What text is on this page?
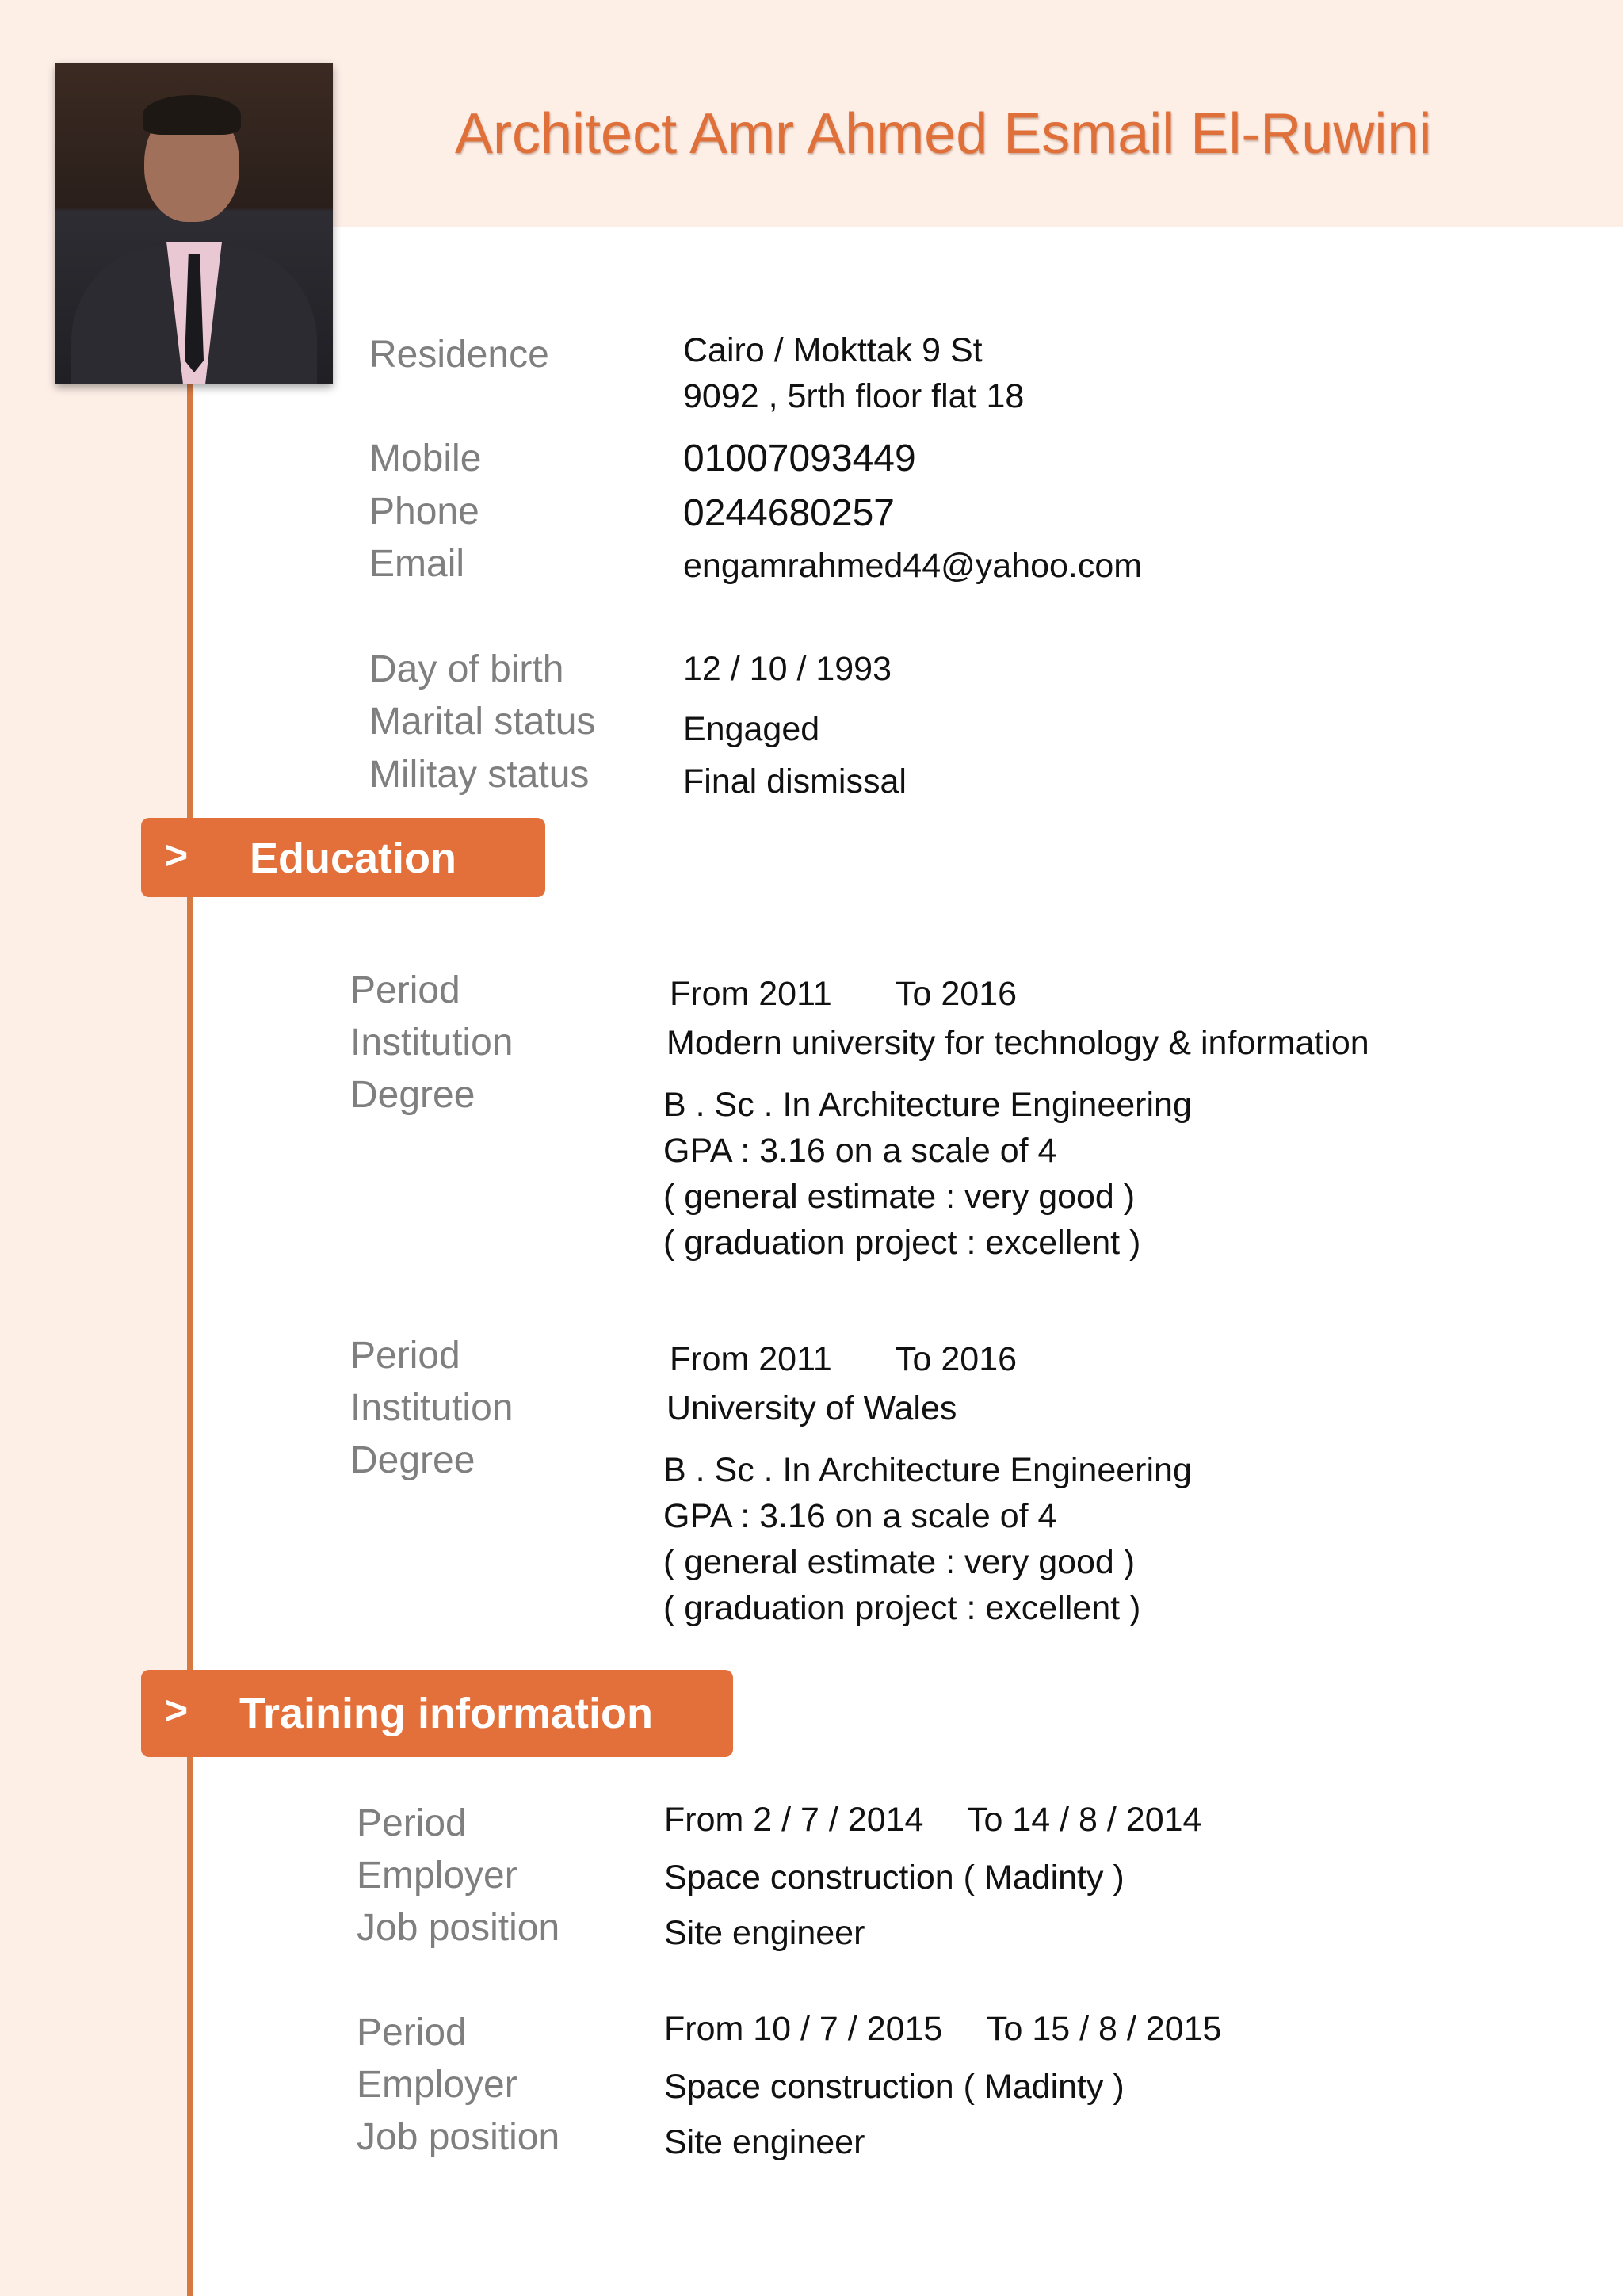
Architect Amr Ahmed Esmail El-Ruwini
Residence	Cairo / Mokttak 9 St
9092 , 5rth floor flat 18
Mobile	01007093449
Phone	0244680257
Email	engamrahmed44@yahoo.com
Day of birth	12 / 10 / 1993
Marital status	Engaged
Militay status	Final dismissal
> Education
Period	From 2011 To 2016
Institution	Modern university for technology & information
Degree	B . Sc . In Architecture Engineering
GPA : 3.16 on a scale of 4
( general estimate : very good )
( graduation project : excellent )
Period	From 2011 To 2016
Institution	University of Wales
Degree	B . Sc . In Architecture Engineering
GPA : 3.16 on a scale of 4
( general estimate : very good )
( graduation project : excellent )
> Training information
Period	From 2 / 7 / 2014 To 14 / 8 / 2014
Employer	Space construction ( Madinty )
Job position	Site engineer
Period	From 10 / 7 / 2015 To 15 / 8 / 2015
Employer	Space construction ( Madinty )
Job position	Site engineer
